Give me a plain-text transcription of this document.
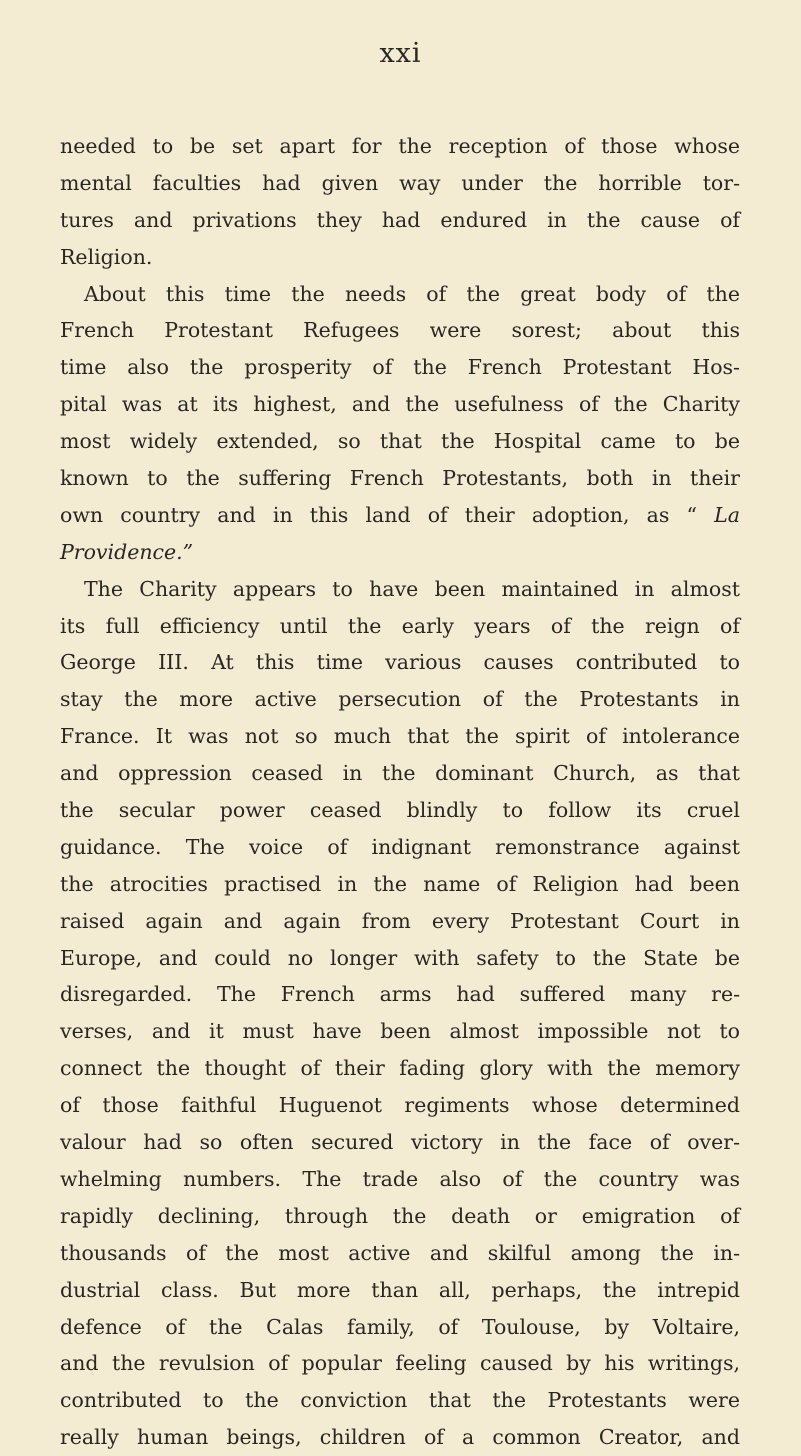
xxi
needed to be set apart for the reception of those whose
mental faculties had given way under the horrible tor-
tures and privations they had endured in the cause of
Religion.
About this time the needs of the great body of the
French Protestant Refugees were sorest; about this
time also the prosperity of the French Protestant Hos-
pital was at its highest, and the usefulness of the Charity
most widely extended, so that the Hospital came to be
known to the suffering French Protestants, both in their
own country and in this land of their adoption, as “ La
Providence.”
The Charity appears to have been maintained in almost
its full efficiency until the early years of the reign of
George III. At this time various causes contributed to
stay the more active persecution of the Protestants in
France. It was not so much that the spirit of intolerance
and oppression ceased in the dominant Church, as that
the secular power ceased blindly to follow its cruel
guidance. The voice of indignant remonstrance against
the atrocities practised in the name of Religion had been
raised again and again from every Protestant Court in
Europe, and could no longer with safety to the State be
disregarded. The French arms had suffered many re-
verses, and it must have been almost impossible not to
connect the thought of their fading glory with the memory
of those faithful Huguenot regiments whose determined
valour had so often secured victory in the face of over-
whelming numbers. The trade also of the country was
rapidly declining, through the death or emigration of
thousands of the most active and skilful among the in-
dustrial class. But more than all, perhaps, the intrepid
defence of the Calas family, of Toulouse, by Voltaire,
and the revulsion of popular feeling caused by his writings,
contributed to the conviction that the Protestants were
really human beings, children of a common Creator, and
